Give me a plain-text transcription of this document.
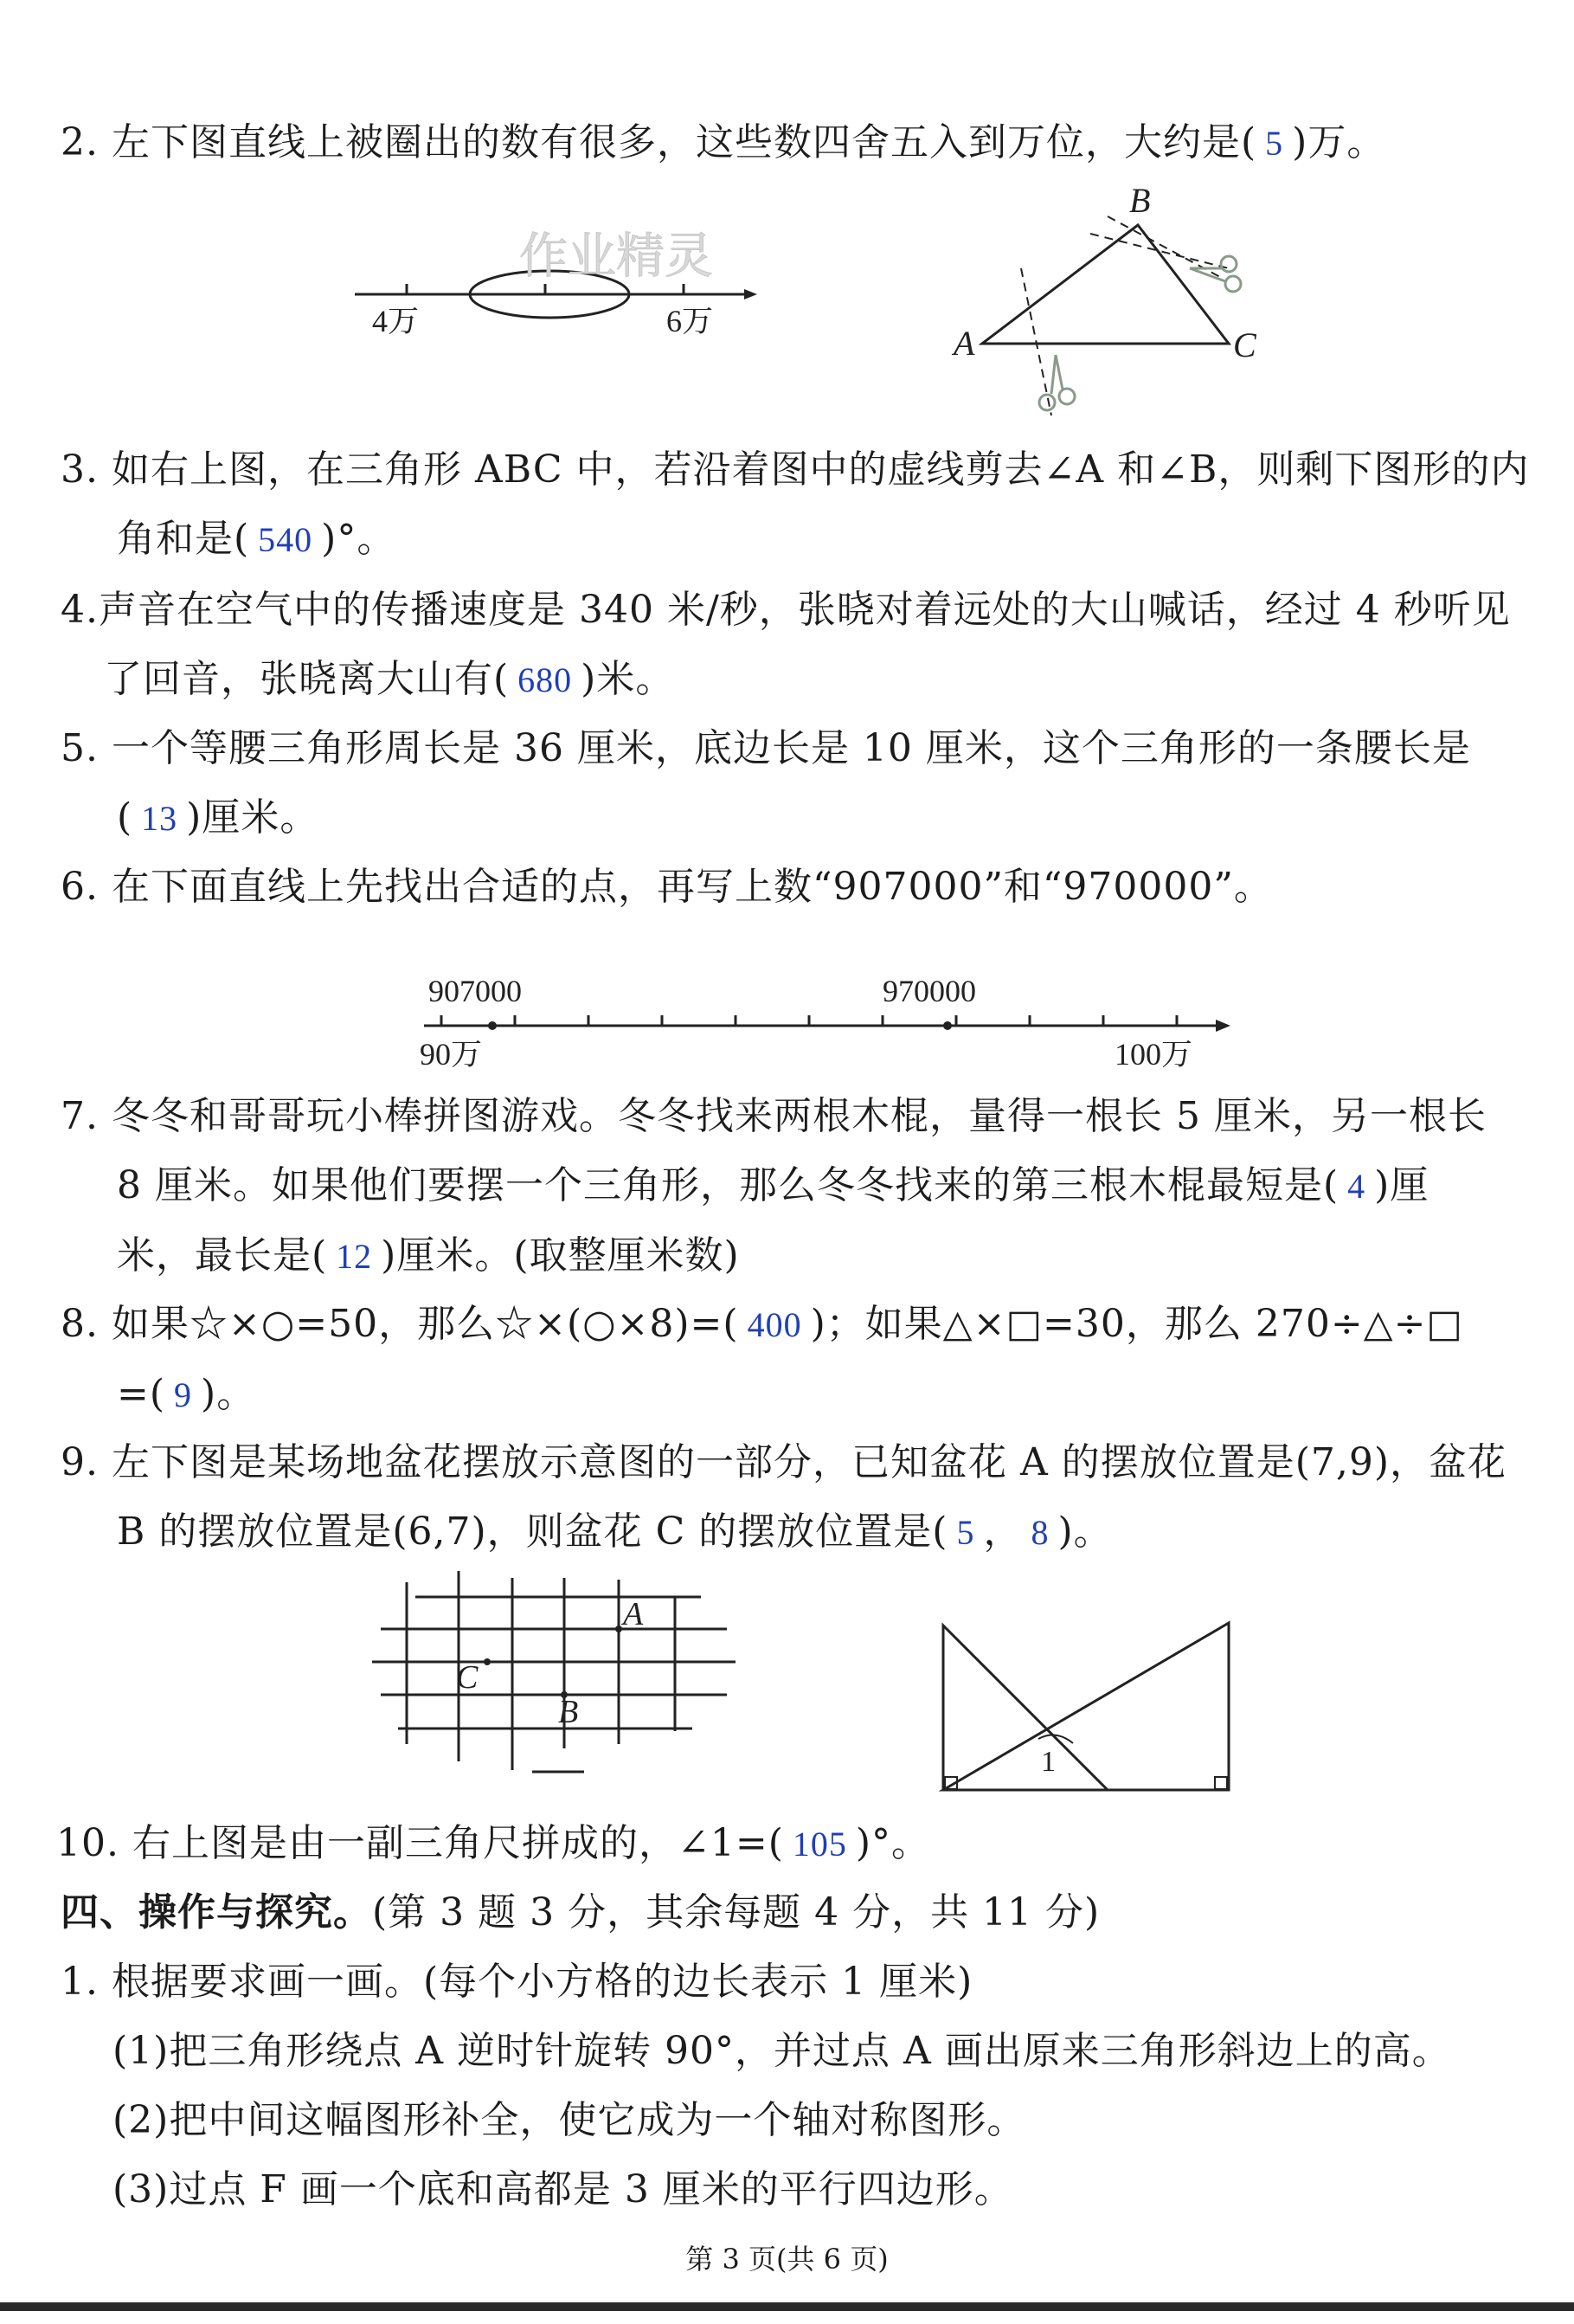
2. 左下图直线上被圈出的数有很多，这些数四舍五入到万位，大约是( 5 )万。

4万	6万
作业精灵
A
B
C

3. 如右上图，在三角形 ABC 中，若沿着图中的虚线剪去∠A 和∠B，则剩下图形的内
角和是( 540 )°。

4.声音在空气中的传播速度是 340 米/秒，张晓对着远处的大山喊话，经过 4 秒听见
了回音，张晓离大山有( 680 )米。

5. 一个等腰三角形周长是 36 厘米，底边长是 10 厘米，这个三角形的一条腰长是
( 13 )厘米。

6. 在下面直线上先找出合适的点，再写上数“907000”和“970000”。

907000	970000
90万	100万

7. 冬冬和哥哥玩小棒拼图游戏。冬冬找来两根木棍，量得一根长 5 厘米，另一根长
8 厘米。如果他们要摆一个三角形，那么冬冬找来的第三根木棍最短是( 4 )厘
米，最长是( 12 )厘米。(取整厘米数)

8. 如果☆×○=50，那么☆×(○×8)=( 400 )；如果△×□=30，那么 270÷△÷□
=( 9 )。

9. 左下图是某场地盆花摆放示意图的一部分，已知盆花 A 的摆放位置是(7,9)，盆花
B 的摆放位置是(6,7)，则盆花 C 的摆放位置是( 5 ， 8 )。

A
B
C
1

10. 右上图是由一副三角尺拼成的，∠1=( 105 )°。

四、操作与探究。(第 3 题 3 分，其余每题 4 分，共 11 分)

1. 根据要求画一画。(每个小方格的边长表示 1 厘米)
(1)把三角形绕点 A 逆时针旋转 90°，并过点 A 画出原来三角形斜边上的高。
(2)把中间这幅图形补全，使它成为一个轴对称图形。
(3)过点 F 画一个底和高都是 3 厘米的平行四边形。

第 3 页(共 6 页)
